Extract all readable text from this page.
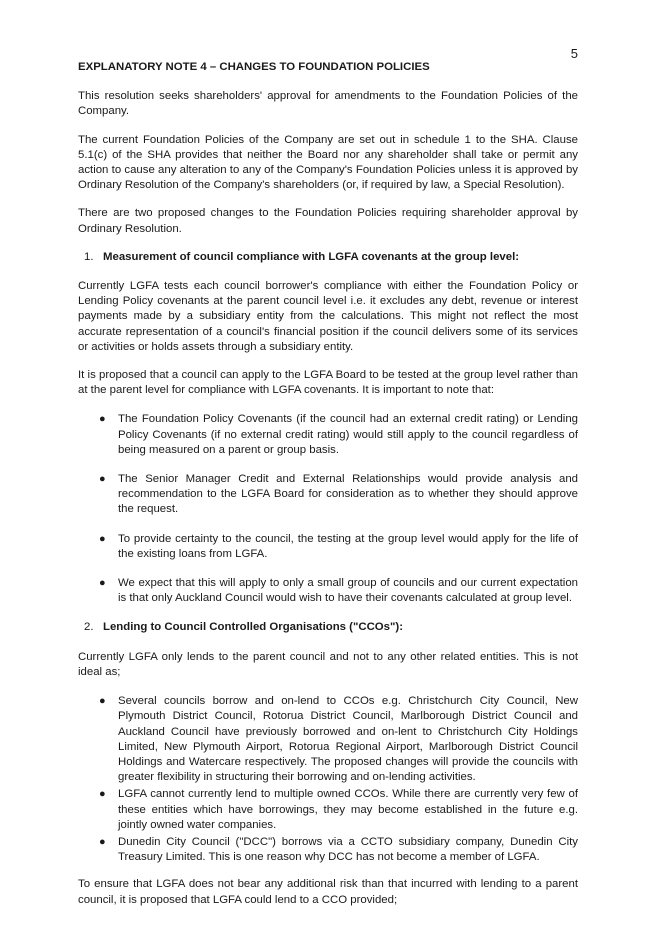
5

EXPLANATORY NOTE 4 – CHANGES TO FOUNDATION POLICIES

This resolution seeks shareholders' approval for amendments to the Foundation Policies of the Company.

The current Foundation Policies of the Company are set out in schedule 1 to the SHA. Clause 5.1(c) of the SHA provides that neither the Board nor any shareholder shall take or permit any action to cause any alteration to any of the Company's Foundation Policies unless it is approved by Ordinary Resolution of the Company's shareholders (or, if required by law, a Special Resolution).

There are two proposed changes to the Foundation Policies requiring shareholder approval by Ordinary Resolution.

1. Measurement of council compliance with LGFA covenants at the group level:

Currently LGFA tests each council borrower's compliance with either the Foundation Policy or Lending Policy covenants at the parent council level i.e. it excludes any debt, revenue or interest payments made by a subsidiary entity from the calculations. This might not reflect the most accurate representation of a council's financial position if the council delivers some of its services or activities or holds assets through a subsidiary entity.

It is proposed that a council can apply to the LGFA Board to be tested at the group level rather than at the parent level for compliance with LGFA covenants. It is important to note that:

●	The Foundation Policy Covenants (if the council had an external credit rating) or Lending Policy Covenants (if no external credit rating) would still apply to the council regardless of being measured on a parent or group basis.
●	The Senior Manager Credit and External Relationships would provide analysis and recommendation to the LGFA Board for consideration as to whether they should approve the request.
●	To provide certainty to the council, the testing at the group level would apply for the life of the existing loans from LGFA.
●	We expect that this will apply to only a small group of councils and our current expectation is that only Auckland Council would wish to have their covenants calculated at group level.
2. Lending to Council Controlled Organisations ("CCOs"):

Currently LGFA only lends to the parent council and not to any other related entities. This is not ideal as;

●	Several councils borrow and on-lend to CCOs e.g. Christchurch City Council, New Plymouth District Council, Rotorua District Council, Marlborough District Council and Auckland Council have previously borrowed and on-lent to Christchurch City Holdings Limited, New Plymouth Airport, Rotorua Regional Airport, Marlborough District Council Holdings and Watercare respectively. The proposed changes will provide the councils with greater flexibility in structuring their borrowing and on-lending activities.
●	LGFA cannot currently lend to multiple owned CCOs. While there are currently very few of these entities which have borrowings, they may become established in the future e.g. jointly owned water companies.
●	Dunedin City Council ("DCC") borrows via a CCTO subsidiary company, Dunedin City Treasury Limited. This is one reason why DCC has not become a member of LGFA.

To ensure that LGFA does not bear any additional risk than that incurred with lending to a parent council, it is proposed that LGFA could lend to a CCO provided;
